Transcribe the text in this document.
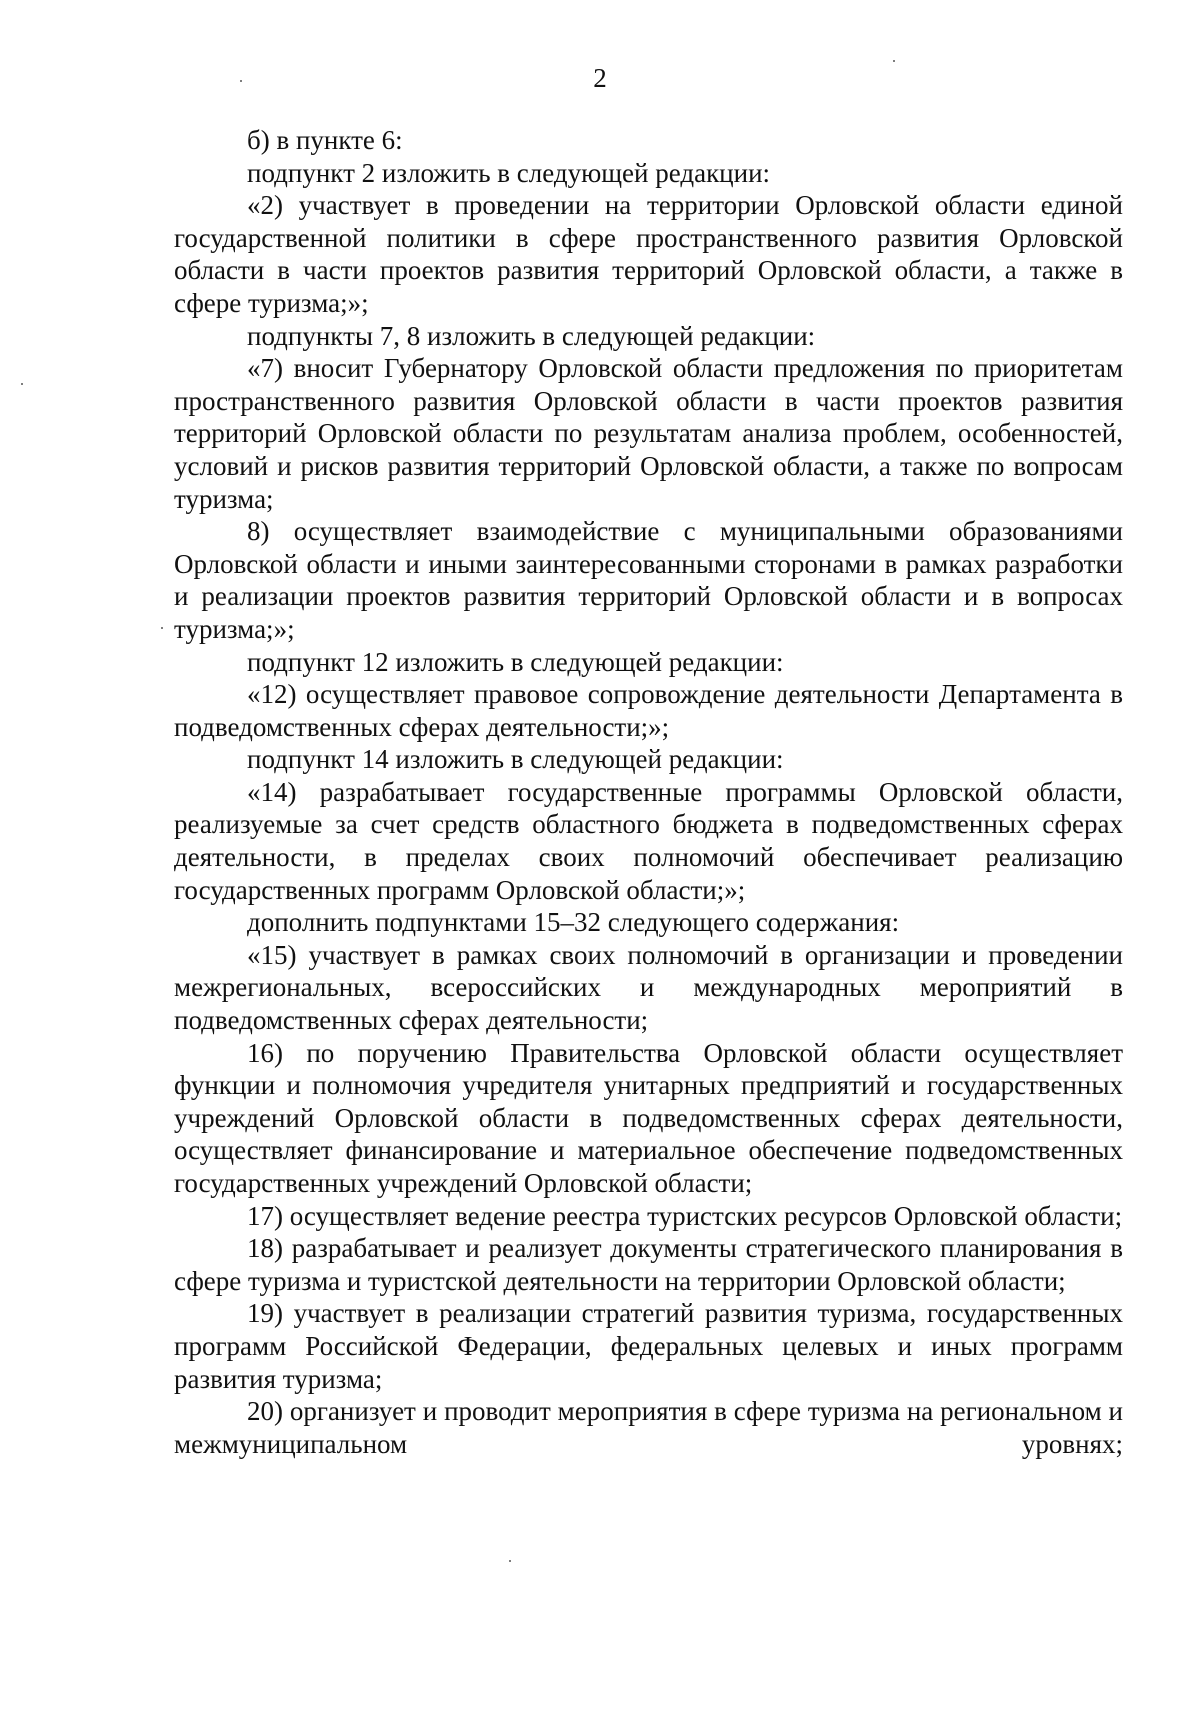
2

б) в пункте 6:

подпункт 2 изложить в следующей редакции:

«2) участвует в проведении на территории Орловской области единой государственной политики в сфере пространственного развития Орловской области в части проектов развития территорий Орловской области, а также в сфере туризма;»;

подпункты 7, 8 изложить в следующей редакции:

«7) вносит Губернатору Орловской области предложения по приоритетам пространственного развития Орловской области в части проектов развития территорий Орловской области по результатам анализа проблем, особенностей, условий и рисков развития территорий Орловской области, а также по вопросам туризма;

8) осуществляет взаимодействие с муниципальными образованиями Орловской области и иными заинтересованными сторонами в рамках разработки и реализации проектов развития территорий Орловской области и в вопросах туризма;»;

подпункт 12 изложить в следующей редакции:

«12) осуществляет правовое сопровождение деятельности Департамента в подведомственных сферах деятельности;»;

подпункт 14 изложить в следующей редакции:

«14) разрабатывает государственные программы Орловской области, реализуемые за счет средств областного бюджета в подведомственных сферах деятельности, в пределах своих полномочий обеспечивает реализацию государственных программ Орловской области;»;

дополнить подпунктами 15–32 следующего содержания:

«15) участвует в рамках своих полномочий в организации и проведении межрегиональных, всероссийских и международных мероприятий в подведомственных сферах деятельности;

16) по поручению Правительства Орловской области осуществляет функции и полномочия учредителя унитарных предприятий и государственных учреждений Орловской области в подведомственных сферах деятельности, осуществляет финансирование и материальное обеспечение подведомственных государственных учреждений Орловской области;

17) осуществляет ведение реестра туристских ресурсов Орловской области;

18) разрабатывает и реализует документы стратегического планирования в сфере туризма и туристской деятельности на территории Орловской области;

19) участвует в реализации стратегий развития туризма, государственных программ Российской Федерации, федеральных целевых и иных программ развития туризма;

20) организует и проводит мероприятия в сфере туризма на региональном и межмуниципальном уровнях;
